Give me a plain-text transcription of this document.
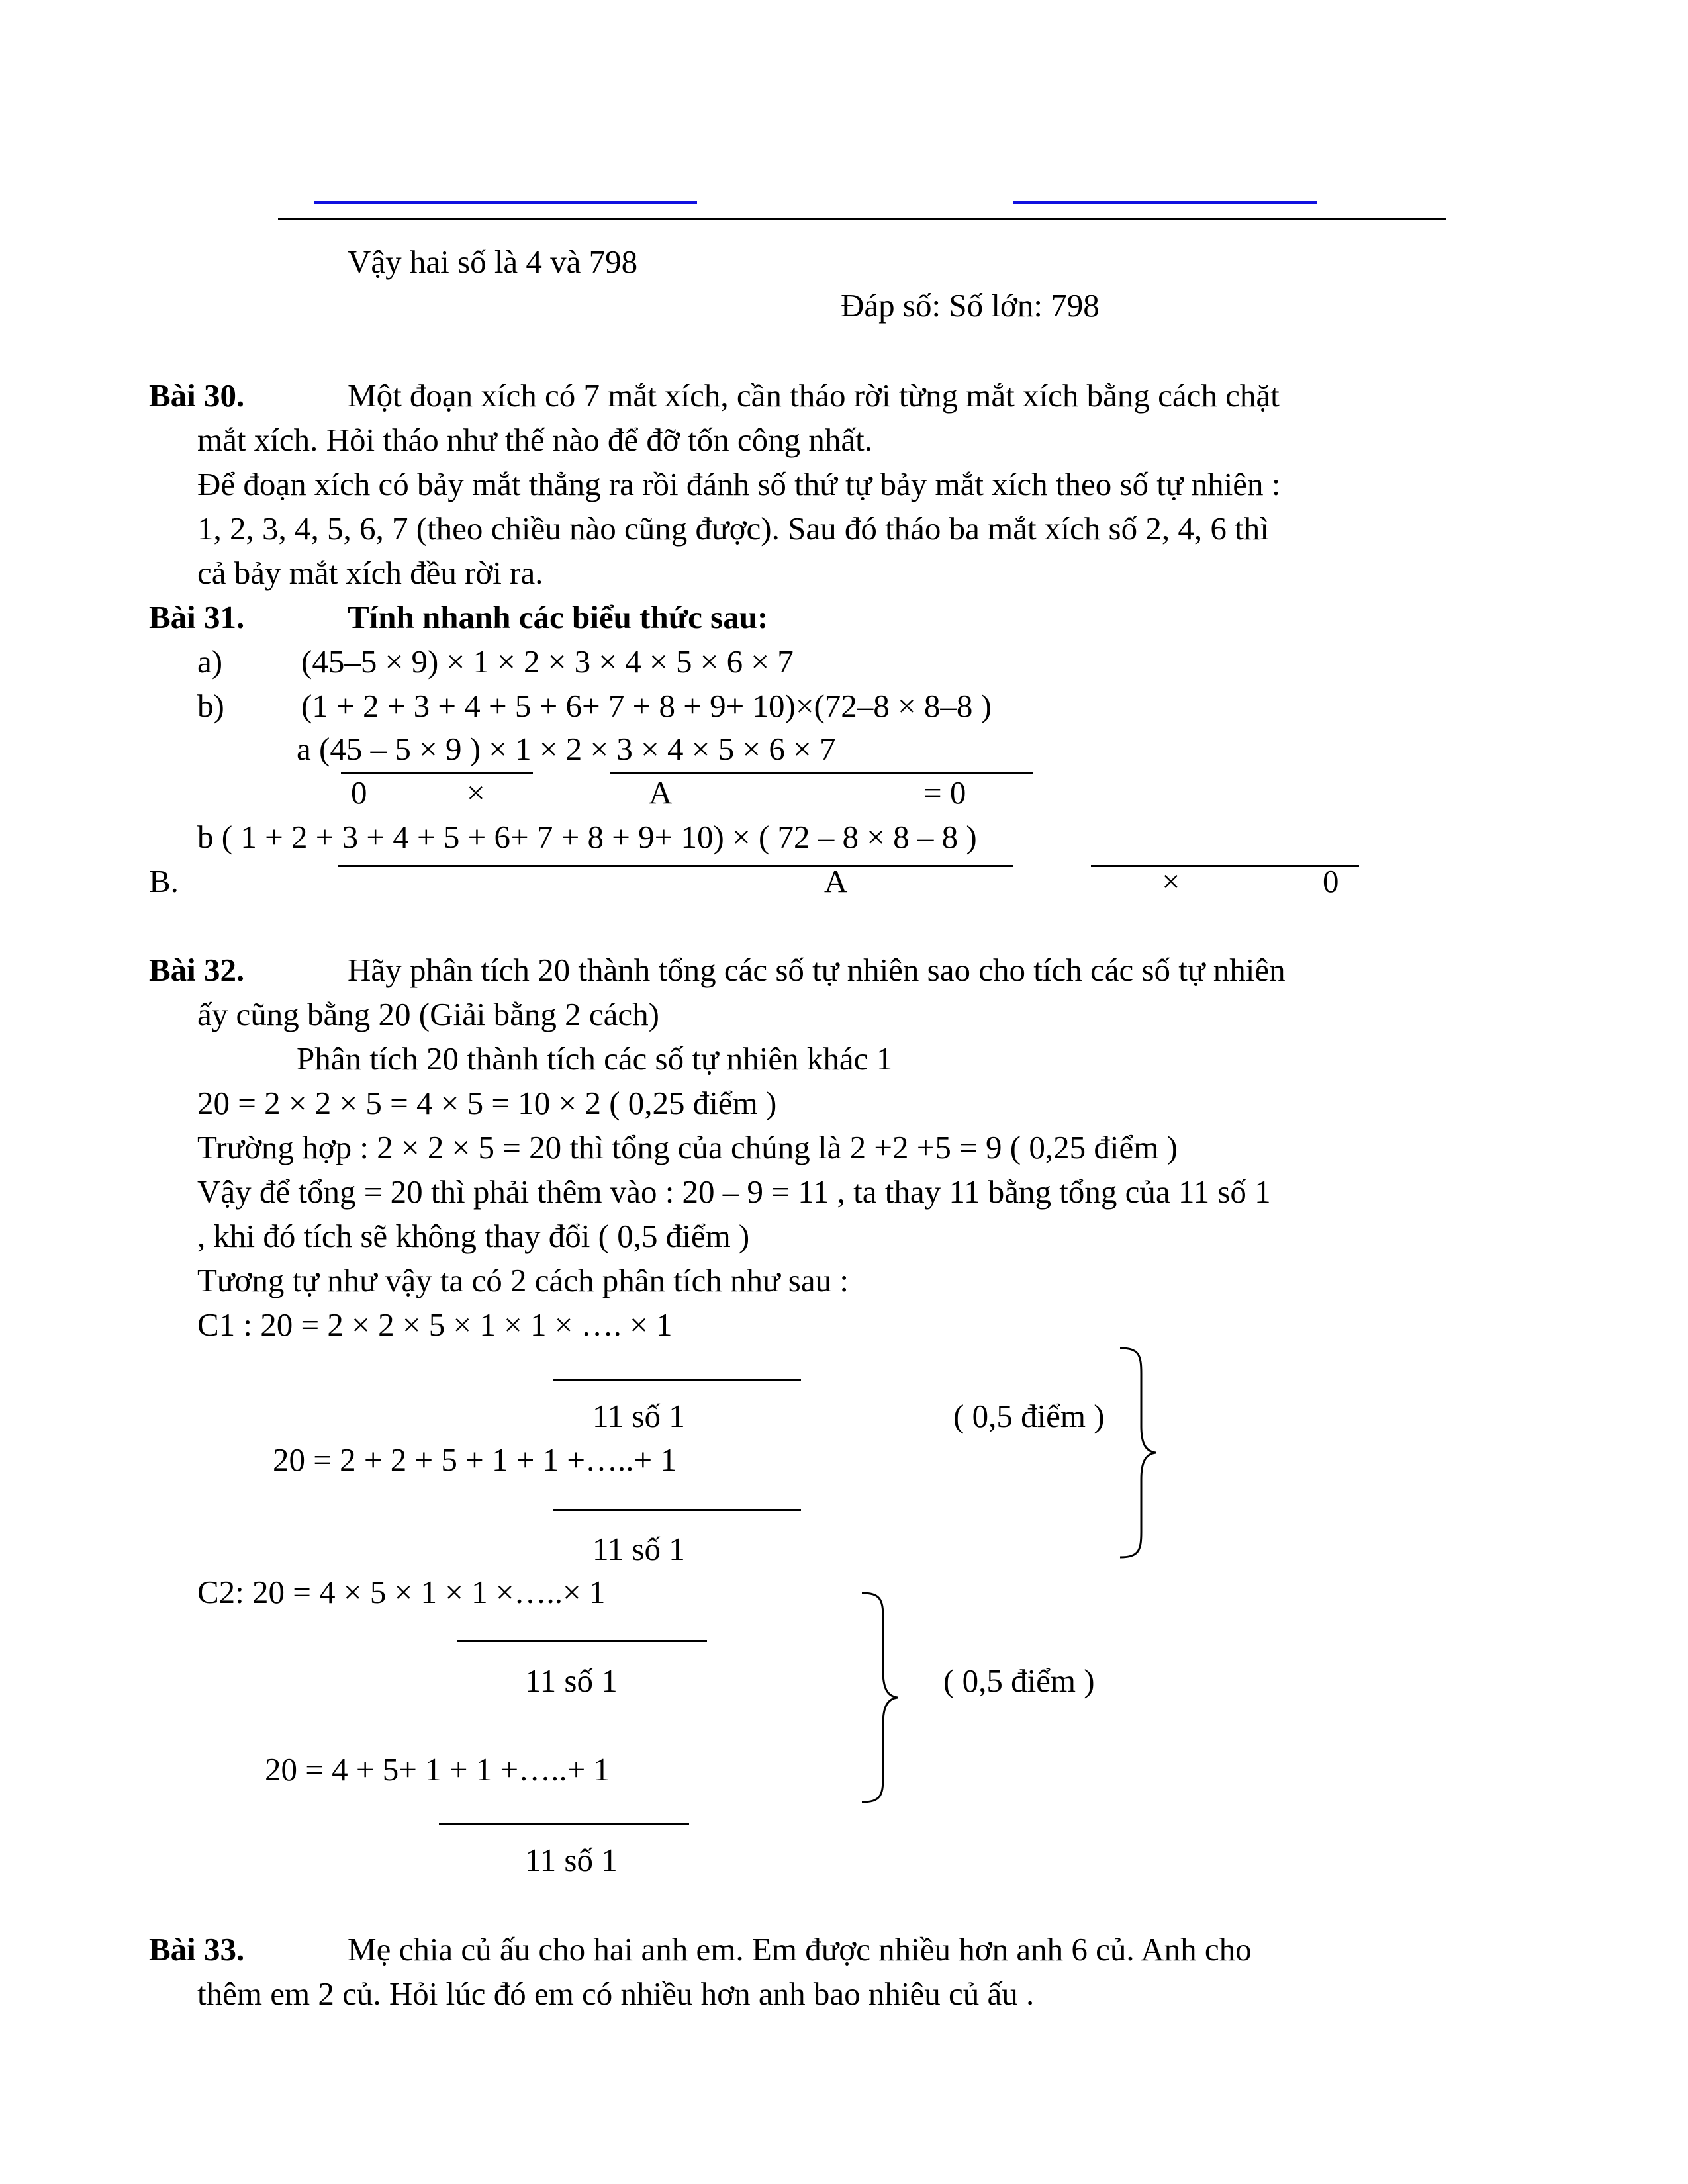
Vậy hai số là 4 và 798
Đáp số: Số lớn: 798
Bài 30.	Một đoạn xích có 7 mắt xích, cần tháo rời từng mắt xích bằng cách chặt
mắt xích. Hỏi tháo như thế nào để đỡ tốn công nhất.
Để đoạn xích có bảy mắt thẳng ra rồi đánh số thứ tự bảy mắt xích theo số tự nhiên :
1, 2, 3, 4, 5, 6, 7 (theo chiều nào cũng được). Sau đó tháo ba mắt xích số 2, 4, 6 thì
cả bảy mắt xích đều rời ra.
Bài 31.	Tính nhanh các biểu thức sau:
a) (45–5 × 9) × 1 × 2 × 3 × 4 × 5 × 6 × 7
b) (1 + 2 + 3 + 4 + 5 + 6+ 7 + 8 + 9+ 10)×(72–8 × 8–8 )
a (45 – 5 × 9 ) × 1 × 2 × 3 × 4 × 5 × 6 × 7
0	×	A	= 0
b ( 1 + 2 + 3 + 4 + 5 + 6+ 7 + 8 + 9+ 10) × ( 72 – 8 × 8 – 8 )
B.	A	×	0
Bài 32.	Hãy phân tích 20 thành tổng các số tự nhiên sao cho tích các số tự nhiên
ấy cũng bằng 20 (Giải bằng 2 cách)
Phân tích 20 thành tích các số tự nhiên khác 1
20 = 2 × 2 × 5 = 4 × 5 = 10 × 2 ( 0,25 điểm )
Trường hợp : 2 × 2 × 5 = 20 thì tổng của chúng là 2 +2 +5 = 9 ( 0,25 điểm )
Vậy để tổng = 20 thì phải thêm vào : 20 – 9 = 11 , ta thay 11 bằng tổng của 11 số 1
, khi đó tích sẽ không thay đổi ( 0,5 điểm )
Tương tự như vậy ta có 2 cách phân tích như sau :
C1 : 20 = 2 × 2 × 5 × 1 × 1 × …. × 1
11 số 1	( 0,5 điểm )
20 = 2 + 2 + 5 + 1 + 1 +…..+ 1
11 số 1
C2: 20 = 4 × 5 × 1 × 1 ×…..× 1
11 số 1	( 0,5 điểm )
20 = 4 + 5+ 1 + 1 +…..+ 1
11 số 1
Bài 33.	Mẹ chia củ ấu cho hai anh em. Em được nhiều hơn anh 6 củ. Anh cho
thêm em 2 củ. Hỏi lúc đó em có nhiều hơn anh bao nhiêu củ ấu .
